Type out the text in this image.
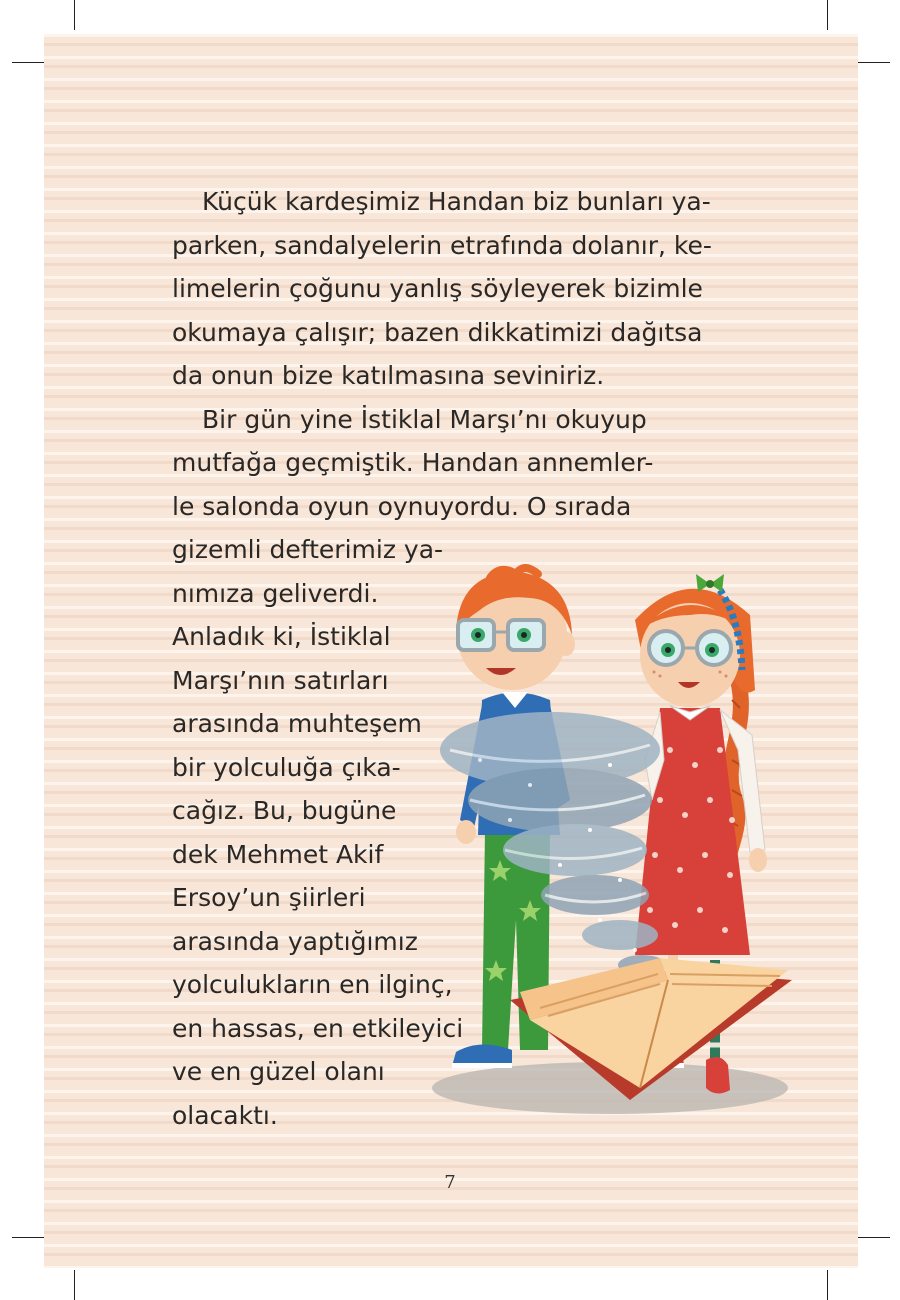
Küçük kardeşimiz Handan biz bunları ya-
parken, sandalyelerin etrafında dolanır, ke-
limelerin çoğunu yanlış söyleyerek bizimle
okumaya çalışır; bazen dikkatimizi dağıtsa
da onun bize katılmasına seviniriz.
Bir gün yine İstiklal Marşı’nı okuyup
mutfağa geçmiştik. Handan annemler-
le salonda oyun oynuyordu. O sırada
gizemli defterimiz ya-
nımıza geliverdi.
Anladık ki, İstiklal
Marşı’nın satırları
arasında muhteşem
bir yolculuğa çıka-
cağız. Bu, bugüne
dek Mehmet Akif
Ersoy’un şiirleri
arasında yaptığımız
yolculukların en ilginç,
en hassas, en etkileyici
ve en güzel olanı
olacaktı.
7
